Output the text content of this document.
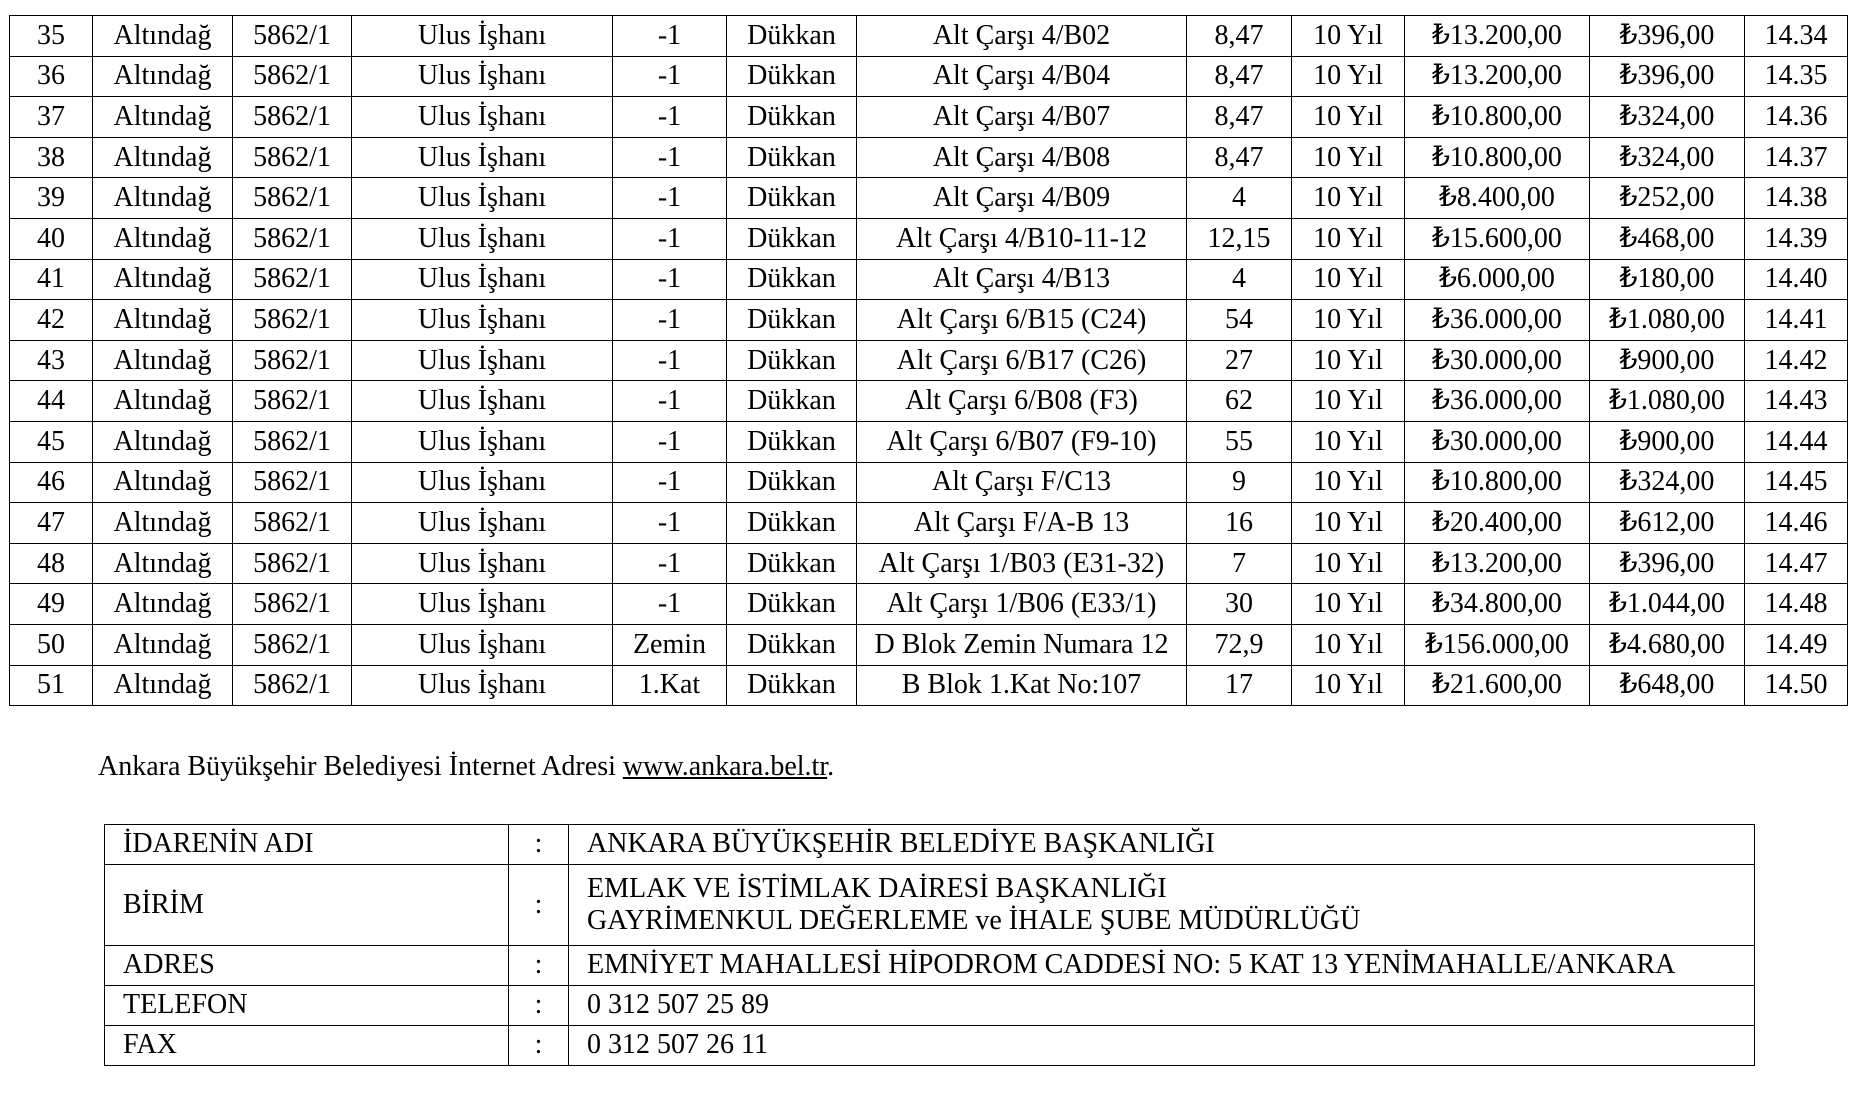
35	Altındağ	5862/1	Ulus İşhanı	-1	Dükkan	Alt Çarşı 4/B02	8,47	10 Yıl	₺13.200,00	₺396,00	14.34
36	Altındağ	5862/1	Ulus İşhanı	-1	Dükkan	Alt Çarşı 4/B04	8,47	10 Yıl	₺13.200,00	₺396,00	14.35
37	Altındağ	5862/1	Ulus İşhanı	-1	Dükkan	Alt Çarşı 4/B07	8,47	10 Yıl	₺10.800,00	₺324,00	14.36
38	Altındağ	5862/1	Ulus İşhanı	-1	Dükkan	Alt Çarşı 4/B08	8,47	10 Yıl	₺10.800,00	₺324,00	14.37
39	Altındağ	5862/1	Ulus İşhanı	-1	Dükkan	Alt Çarşı 4/B09	4	10 Yıl	₺8.400,00	₺252,00	14.38
40	Altındağ	5862/1	Ulus İşhanı	-1	Dükkan	Alt Çarşı 4/B10-11-12	12,15	10 Yıl	₺15.600,00	₺468,00	14.39
41	Altındağ	5862/1	Ulus İşhanı	-1	Dükkan	Alt Çarşı 4/B13	4	10 Yıl	₺6.000,00	₺180,00	14.40
42	Altındağ	5862/1	Ulus İşhanı	-1	Dükkan	Alt Çarşı 6/B15 (C24)	54	10 Yıl	₺36.000,00	₺1.080,00	14.41
43	Altındağ	5862/1	Ulus İşhanı	-1	Dükkan	Alt Çarşı 6/B17 (C26)	27	10 Yıl	₺30.000,00	₺900,00	14.42
44	Altındağ	5862/1	Ulus İşhanı	-1	Dükkan	Alt Çarşı 6/B08 (F3)	62	10 Yıl	₺36.000,00	₺1.080,00	14.43
45	Altındağ	5862/1	Ulus İşhanı	-1	Dükkan	Alt Çarşı 6/B07 (F9-10)	55	10 Yıl	₺30.000,00	₺900,00	14.44
46	Altındağ	5862/1	Ulus İşhanı	-1	Dükkan	Alt Çarşı F/C13	9	10 Yıl	₺10.800,00	₺324,00	14.45
47	Altındağ	5862/1	Ulus İşhanı	-1	Dükkan	Alt Çarşı F/A-B 13	16	10 Yıl	₺20.400,00	₺612,00	14.46
48	Altındağ	5862/1	Ulus İşhanı	-1	Dükkan	Alt Çarşı 1/B03 (E31-32)	7	10 Yıl	₺13.200,00	₺396,00	14.47
49	Altındağ	5862/1	Ulus İşhanı	-1	Dükkan	Alt Çarşı 1/B06 (E33/1)	30	10 Yıl	₺34.800,00	₺1.044,00	14.48
50	Altındağ	5862/1	Ulus İşhanı	Zemin	Dükkan	D Blok Zemin Numara 12	72,9	10 Yıl	₺156.000,00	₺4.680,00	14.49
51	Altındağ	5862/1	Ulus İşhanı	1.Kat	Dükkan	B Blok 1.Kat No:107	17	10 Yıl	₺21.600,00	₺648,00	14.50
Ankara Büyükşehir Belediyesi İnternet Adresi www.ankara.bel.tr.
İDARENİN ADI	:	ANKARA BÜYÜKŞEHİR BELEDİYE BAŞKANLIĞI

BİRİM	:	EMLAK VE İSTİMLAK DAİRESİ BAŞKANLIĞI
GAYRİMENKUL DEĞERLEME ve İHALE ŞUBE MÜDÜRLÜĞÜ

ADRES	:	EMNİYET MAHALLESİ HİPODROM CADDESİ NO: 5 KAT 13 YENİMAHALLE/ANKARA

TELEFON	:	0 312 507 25 89

FAX	:	0 312 507 26 11
